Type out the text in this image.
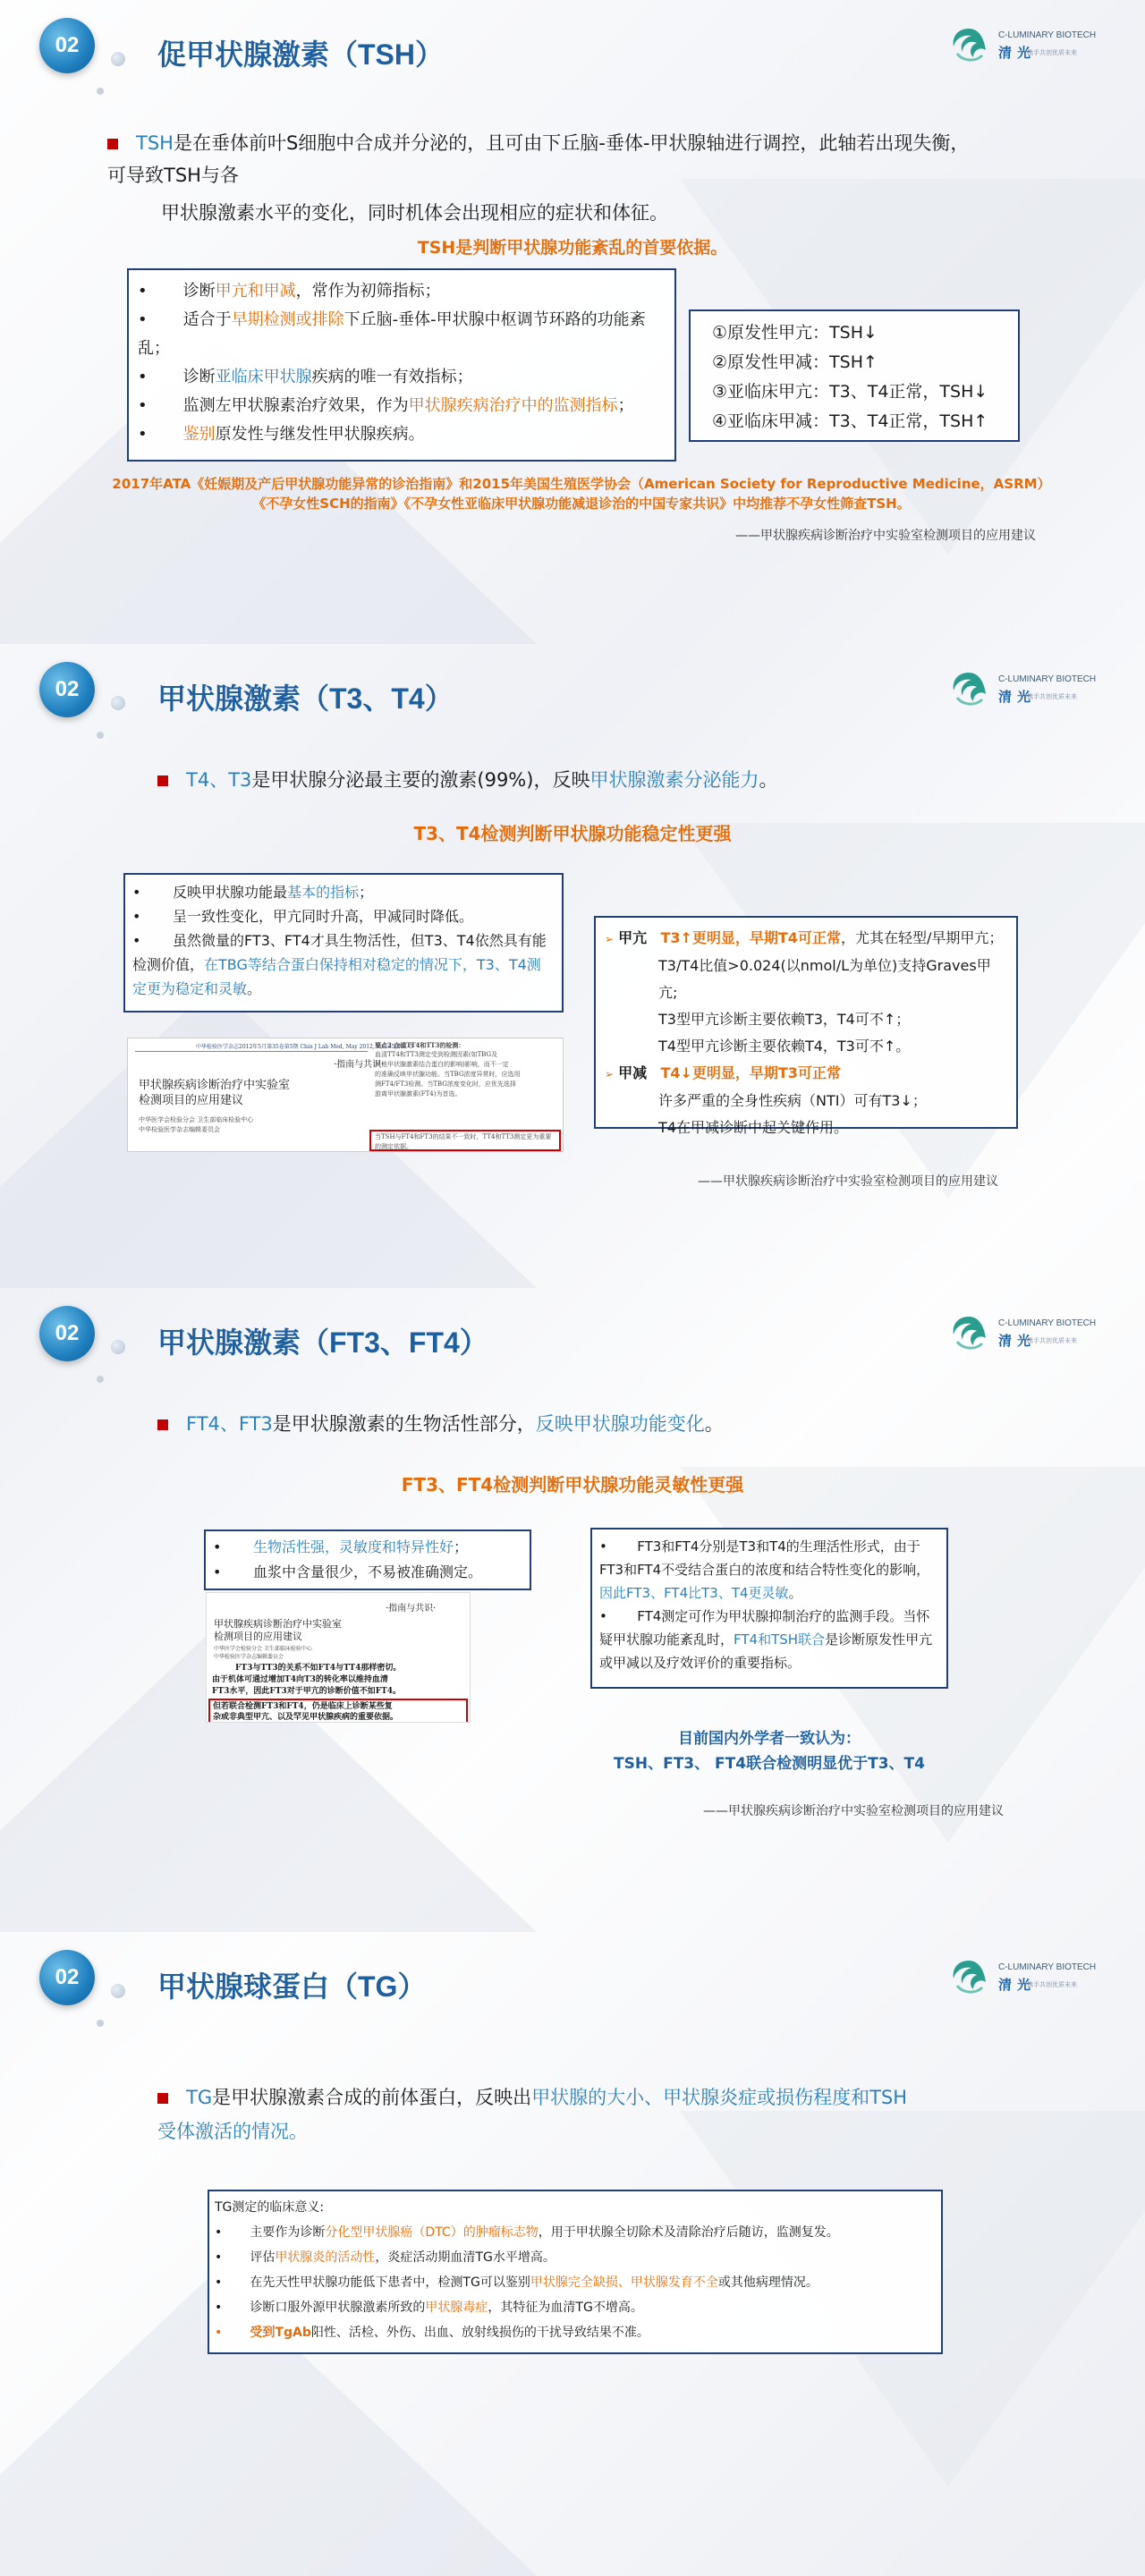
02	促甲状腺激素（TSH）
C-LUMINARY BIOTECH
清光
携手共创优质未来
TSH是在垂体前叶S细胞中合成并分泌的，且可由下丘脑-垂体-甲状腺轴进行调控，此轴若出现失衡，
可导致TSH与各
甲状腺激素水平的变化，同时机体会出现相应的症状和体征。
TSH是判断甲状腺功能紊乱的首要依据。
•       诊断甲亢和甲减，常作为初筛指标；
•       适合于早期检测或排除下丘脑-垂体-甲状腺中枢调节环路的功能紊乱；
•       诊断亚临床甲状腺疾病的唯一有效指标；
•       监测左甲状腺素治疗效果，作为甲状腺疾病治疗中的监测指标；
•       鉴别原发性与继发性甲状腺疾病。
①原发性甲亢：TSH↓
②原发性甲减：TSH↑
③亚临床甲亢：T3、T4正常，TSH↓
④亚临床甲减：T3、T4正常，TSH↑
2017年ATA《妊娠期及产后甲状腺功能异常的诊治指南》和2015年美国生殖医学协会（American Society for Reproductive Medicine，ASRM）
《不孕女性SCH的指南》《不孕女性亚临床甲状腺功能减退诊治的中国专家共识》中均推荐不孕女性筛查TSH。
——甲状腺疾病诊断治疗中实验室检测项目的应用建议
02	甲状腺激素（T3、T4）
C-LUMINARY BIOTECH
清光
携手共创优质未来
T4、T3是甲状腺分泌最主要的激素(99%)，反映甲状腺激素分泌能力。
T3、T4检测判断甲状腺功能稳定性更强
•       反映甲状腺功能最基本的指标；
•       呈一致性变化，甲亢同时升高，甲减同时降低。
•       虽然微量的FT3、FT4才具生物活性，但T3、T4依然具有能检测价值，在TBG等结合蛋白保持相对稳定的情况下，T3、T4测定更为稳定和灵敏。
中华检验医学杂志2012年5月第35卷第5期 Chin J Lab Med, May 2012, Vol. 35, No. 5
·指南与共识·
甲状腺疾病诊断治疗中实验室
检测项目的应用建议
中华医学会检验分会 卫生部临床检验中心
中华检验医学杂志编辑委员会
要点2 血清TT4和TT3的检测：
血清TT4和TT3测定受到检测因素(如TBG及
其他甲状腺激素结合蛋白的影响)影响，而不一定
的准确反映甲状腺功能。当TBG浓度异常时，应选用
测FT4/FT3检测。当TBG浓度变化时，应优先选择
游离甲状腺激素(FT4)为首选。
当TSH与FT4和FT3的结果不一致时，TT4和TT3测定更为重要的测定依据。
➢ 甲亢 T3↑更明显，早期T4可正常，尤其在轻型/早期甲亢；
T3/T4比值>0.024(以nmol/L为单位)支持Graves甲亢;
T3型甲亢诊断主要依赖T3，T4可不↑；
T4型甲亢诊断主要依赖T4，T3可不↑。
➢ 甲减 T4↓更明显，早期T3可正常
许多严重的全身性疾病（NTI）可有T3↓；
T4在甲减诊断中起关键作用。
——甲状腺疾病诊断治疗中实验室检测项目的应用建议
02	甲状腺激素（FT3、FT4）
C-LUMINARY BIOTECH
清光
携手共创优质未来
FT4、FT3是甲状腺激素的生物活性部分，反映甲状腺功能变化。
FT3、FT4检测判断甲状腺功能灵敏性更强
•       生物活性强，灵敏度和特异性好；
•       血浆中含量很少，不易被准确测定。
·指南与共识·
甲状腺疾病诊断治疗中实验室
检测项目的应用建议
中华医学会检验分会 卫生部临床检验中心
中华检验医学杂志编辑委员会
FT3与TT3的关系不如FT4与TT4那样密切。
由于机体可通过增加T4向T3的转化率以维持血清
FT3水平，因此FT3对于甲亢的诊断价值不如FT4。
但若联合检测FT3和FT4，仍是临床上诊断某些复
杂或非典型甲亢、以及罕见甲状腺疾病的重要依据。
•       FT3和FT4分别是T3和T4的生理活性形式，由于FT3和FT4不受结合蛋白的浓度和结合特性变化的影响，因此FT3、FT4比T3、T4更灵敏。
•       FT4测定可作为甲状腺抑制治疗的监测手段。当怀疑甲状腺功能紊乱时，FT4和TSH联合是诊断原发性甲亢或甲减以及疗效评价的重要指标。
目前国内外学者一致认为：
TSH、FT3、 FT4联合检测明显优于T3、T4
——甲状腺疾病诊断治疗中实验室检测项目的应用建议
02	甲状腺球蛋白（TG）
C-LUMINARY BIOTECH
清光
携手共创优质未来
TG是甲状腺激素合成的前体蛋白，反映出甲状腺的大小、甲状腺炎症或损伤程度和TSH
受体激活的情况。
TG测定的临床意义:
•       主要作为诊断分化型甲状腺癌（DTC）的肿瘤标志物，用于甲状腺全切除术及清除治疗后随访，监测复发。
•       评估甲状腺炎的活动性，炎症活动期血清TG水平增高。
•       在先天性甲状腺功能低下患者中，检测TG可以鉴别甲状腺完全缺损、甲状腺发育不全或其他病理情况。
•       诊断口服外源甲状腺激素所致的甲状腺毒症，其特征为血清TG不增高。
• 受到TgAb阳性、活检、外伤、出血、放射线损伤的干扰导致结果不准。
